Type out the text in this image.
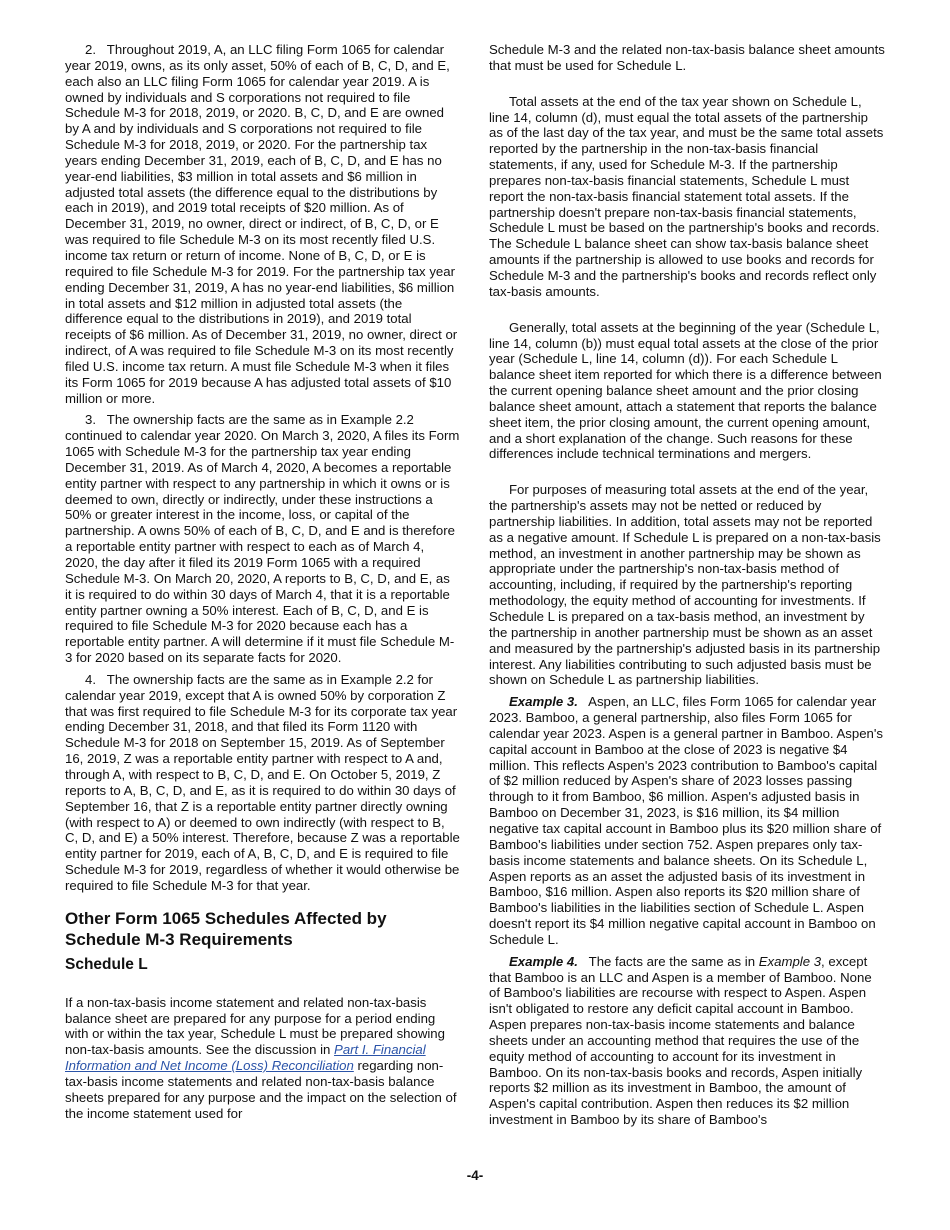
2. Throughout 2019, A, an LLC filing Form 1065 for calendar year 2019, owns, as its only asset, 50% of each of B, C, D, and E, each also an LLC filing Form 1065 for calendar year 2019. A is owned by individuals and S corporations not required to file Schedule M-3 for 2018, 2019, or 2020. B, C, D, and E are owned by A and by individuals and S corporations not required to file Schedule M-3 for 2018, 2019, or 2020. For the partnership tax years ending December 31, 2019, each of B, C, D, and E has no year-end liabilities, $3 million in total assets and $6 million in adjusted total assets (the difference equal to the distributions by each in 2019), and 2019 total receipts of $20 million. As of December 31, 2019, no owner, direct or indirect, of B, C, D, or E was required to file Schedule M-3 on its most recently filed U.S. income tax return or return of income. None of B, C, D, or E is required to file Schedule M-3 for 2019. For the partnership tax year ending December 31, 2019, A has no year-end liabilities, $6 million in total assets and $12 million in adjusted total assets (the difference equal to the distributions in 2019), and 2019 total receipts of $6 million. As of December 31, 2019, no owner, direct or indirect, of A was required to file Schedule M-3 on its most recently filed U.S. income tax return. A must file Schedule M-3 when it files its Form 1065 for 2019 because A has adjusted total assets of $10 million or more.

3. The ownership facts are the same as in Example 2.2 continued to calendar year 2020. On March 3, 2020, A files its Form 1065 with Schedule M-3 for the partnership tax year ending December 31, 2019. As of March 4, 2020, A becomes a reportable entity partner with respect to any partnership in which it owns or is deemed to own, directly or indirectly, under these instructions a 50% or greater interest in the income, loss, or capital of the partnership. A owns 50% of each of B, C, D, and E and is therefore a reportable entity partner with respect to each as of March 4, 2020, the day after it filed its 2019 Form 1065 with a required Schedule M-3. On March 20, 2020, A reports to B, C, D, and E, as it is required to do within 30 days of March 4, that it is a reportable entity partner owning a 50% interest. Each of B, C, D, and E is required to file Schedule M-3 for 2020 because each has a reportable entity partner. A will determine if it must file Schedule M-3 for 2020 based on its separate facts for 2020.

4. The ownership facts are the same as in Example 2.2 for calendar year 2019, except that A is owned 50% by corporation Z that was first required to file Schedule M-3 for its corporate tax year ending December 31, 2018, and that filed its Form 1120 with Schedule M-3 for 2018 on September 15, 2019. As of September 16, 2019, Z was a reportable entity partner with respect to A and, through A, with respect to B, C, D, and E. On October 5, 2019, Z reports to A, B, C, D, and E, as it is required to do within 30 days of September 16, that Z is a reportable entity partner directly owning (with respect to A) or deemed to own indirectly (with respect to B, C, D, and E) a 50% interest. Therefore, because Z was a reportable entity partner for 2019, each of A, B, C, D, and E is required to file Schedule M-3 for 2019, regardless of whether it would otherwise be required to file Schedule M-3 for that year.

Other Form 1065 Schedules Affected by Schedule M-3 Requirements
Schedule L

If a non-tax-basis income statement and related non-tax-basis balance sheet are prepared for any purpose for a period ending with or within the tax year, Schedule L must be prepared showing non-tax-basis amounts. See the discussion in Part I. Financial Information and Net Income (Loss) Reconciliation regarding non-tax-basis income statements and related non-tax-basis balance sheets prepared for any purpose and the impact on the selection of the income statement used for

Schedule M-3 and the related non-tax-basis balance sheet amounts that must be used for Schedule L.

Total assets at the end of the tax year shown on Schedule L, line 14, column (d), must equal the total assets of the partnership as of the last day of the tax year, and must be the same total assets reported by the partnership in the non-tax-basis financial statements, if any, used for Schedule M-3. If the partnership prepares non-tax-basis financial statements, Schedule L must report the non-tax-basis financial statement total assets. If the partnership doesn't prepare non-tax-basis financial statements, Schedule L must be based on the partnership's books and records. The Schedule L balance sheet can show tax-basis balance sheet amounts if the partnership is allowed to use books and records for Schedule M-3 and the partnership's books and records reflect only tax-basis amounts.

Generally, total assets at the beginning of the year (Schedule L, line 14, column (b)) must equal total assets at the close of the prior year (Schedule L, line 14, column (d)). For each Schedule L balance sheet item reported for which there is a difference between the current opening balance sheet amount and the prior closing balance sheet amount, attach a statement that reports the balance sheet item, the prior closing amount, the current opening amount, and a short explanation of the change. Such reasons for these differences include technical terminations and mergers.

For purposes of measuring total assets at the end of the year, the partnership's assets may not be netted or reduced by partnership liabilities. In addition, total assets may not be reported as a negative amount. If Schedule L is prepared on a non-tax-basis method, an investment in another partnership may be shown as appropriate under the partnership's non-tax-basis method of accounting, including, if required by the partnership's reporting methodology, the equity method of accounting for investments. If Schedule L is prepared on a tax-basis method, an investment by the partnership in another partnership must be shown as an asset and measured by the partnership's adjusted basis in its partnership interest. Any liabilities contributing to such adjusted basis must be shown on Schedule L as partnership liabilities.

Example 3. Aspen, an LLC, files Form 1065 for calendar year 2023. Bamboo, a general partnership, also files Form 1065 for calendar year 2023. Aspen is a general partner in Bamboo. Aspen's capital account in Bamboo at the close of 2023 is negative $4 million. This reflects Aspen's 2023 contribution to Bamboo's capital of $2 million reduced by Aspen's share of 2023 losses passing through to it from Bamboo, $6 million. Aspen's adjusted basis in Bamboo on December 31, 2023, is $16 million, its $4 million negative tax capital account in Bamboo plus its $20 million share of Bamboo's liabilities under section 752. Aspen prepares only tax-basis income statements and balance sheets. On its Schedule L, Aspen reports as an asset the adjusted basis of its investment in Bamboo, $16 million. Aspen also reports its $20 million share of Bamboo's liabilities in the liabilities section of Schedule L. Aspen doesn't report its $4 million negative capital account in Bamboo on Schedule L.

Example 4. The facts are the same as in Example 3, except that Bamboo is an LLC and Aspen is a member of Bamboo. None of Bamboo's liabilities are recourse with respect to Aspen. Aspen isn't obligated to restore any deficit capital account in Bamboo. Aspen prepares non-tax-basis income statements and balance sheets under an accounting method that requires the use of the equity method of accounting to account for its investment in Bamboo. On its non-tax-basis books and records, Aspen initially reports $2 million as its investment in Bamboo, the amount of Aspen's capital contribution. Aspen then reduces its $2 million investment in Bamboo by its share of Bamboo's

-4-
